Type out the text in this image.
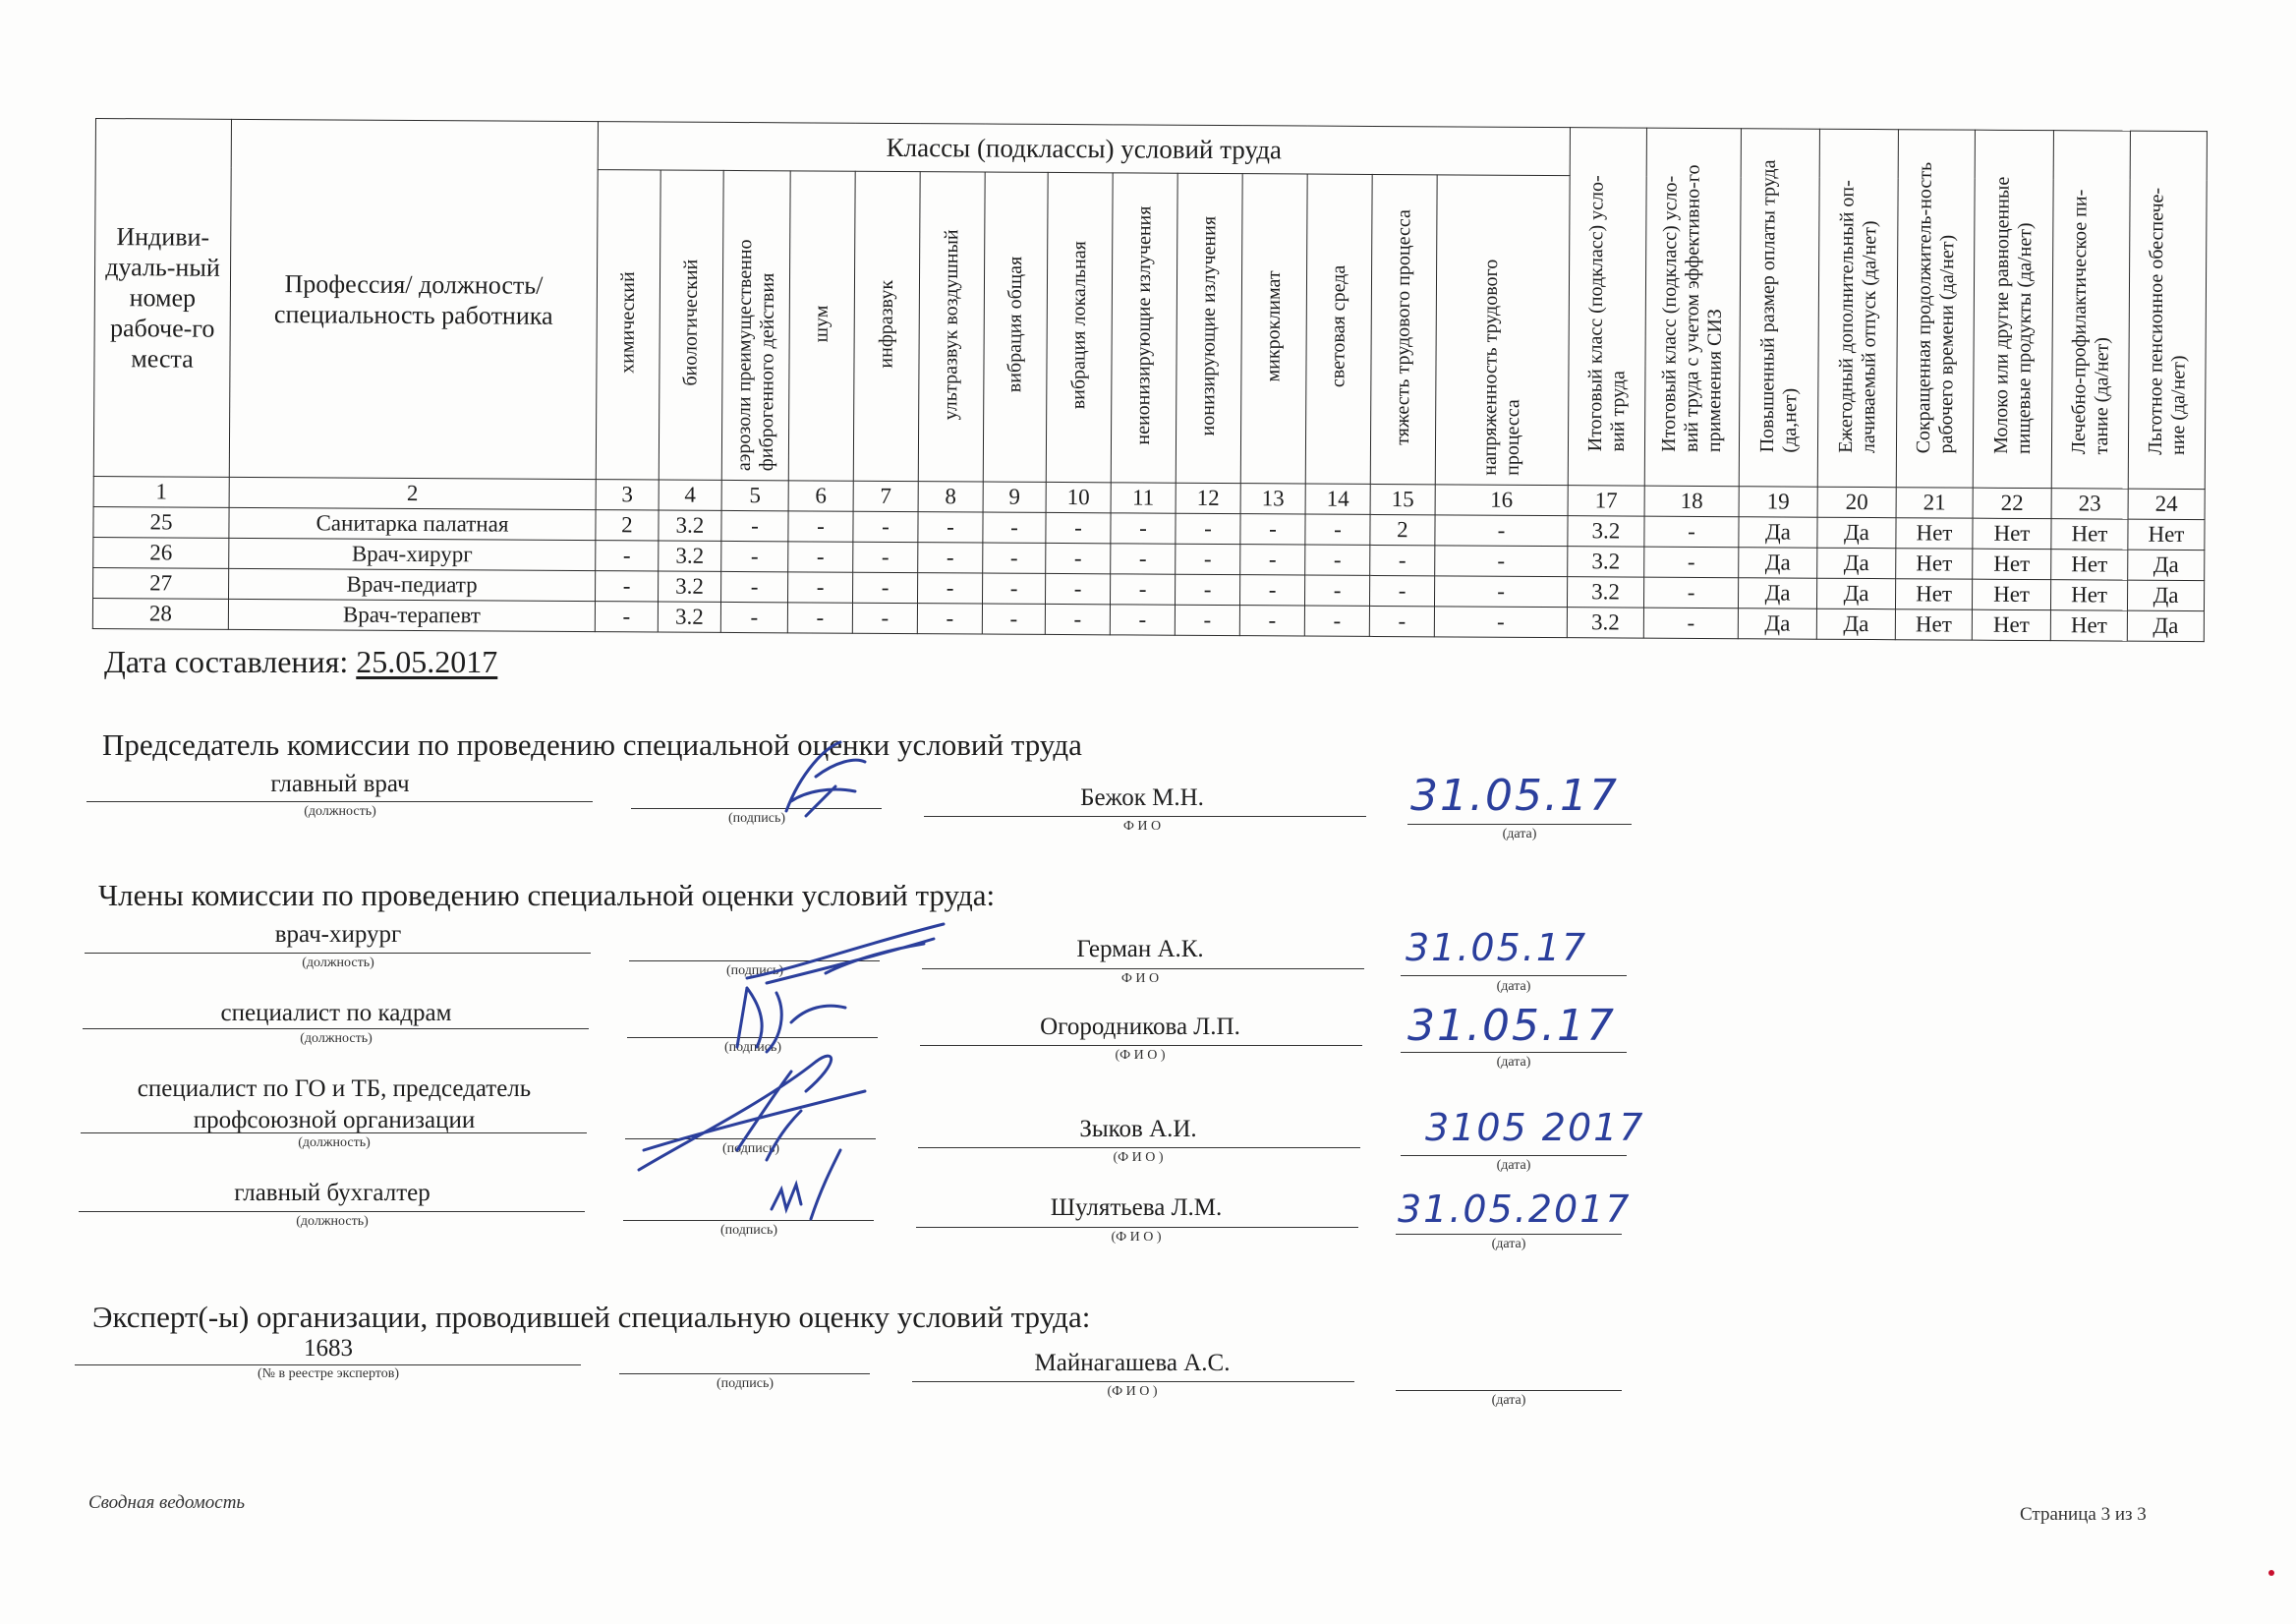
Индиви-дуаль-ный номер рабоче-го места	Профессия/ должность/ специальность работника	Классы (подклассы) условий труда														Итоговый класс (подкласс) усло-вий труда	Итоговый класс (подкласс) усло-вий труда с учетом эффективно-го применения СИЗ	Повышенный размер оплаты труда (да,нет)	Ежегодный дополнительный оп-лачиваемый отпуск (да/нет)	Сокращенная продолжитель-ность рабочего времени (да/нет)	Молоко или другие равноценные пищевые продукты (да/нет)	Лечебно-профилактическое пи-тание (да/нет)	Льготное пенсионное обеспече-ние (да/нет)
		химический	биологический	аэрозоли преимущественно фиброгенного действия	шум	инфразвук	ультразвук воздушный	вибрация общая	вибрация локальная	неионизирующие излучения	ионизирующие излучения	микроклимат	световая среда	тяжесть трудового процесса	напряженность трудового процесса								
1	2	3	4	5	6	7	8	9	10	11	12	13	14	15	16	17	18	19	20	21	22	23	24
25	Санитарка палатная	2	3.2	-	-	-	-	-	-	-	-	-	-	2	-	3.2	-	Да	Да	Нет	Нет	Нет	Нет
26	Врач-хирург	-	3.2	-	-	-	-	-	-	-	-	-	-	-	-	3.2	-	Да	Да	Нет	Нет	Нет	Да
27	Врач-педиатр	-	3.2	-	-	-	-	-	-	-	-	-	-	-	-	3.2	-	Да	Да	Нет	Нет	Нет	Да
28	Врач-терапевт	-	3.2	-	-	-	-	-	-	-	-	-	-	-	-	3.2	-	Да	Да	Нет	Нет	Нет	Да
Дата составления: 25.05.2017
Председатель комиссии по проведению специальной оценки условий труда
главный врач
(должность)	(подпись)
Бежок М.Н.
Ф И О
31.05.17
(дата)
Члены комиссии по проведению специальной оценки условий труда:
врач-хирург
(должность)
(подпись)
Герман А.К.
Ф И О
31.05.17
(дата)
специалист по кадрам
(должность)
(подпись)
Огородникова Л.П.
(Ф И О )
31.05.17
(дата)
специалист по ГО и ТБ, председатель профсоюзной организации
(должность)	(подпись)
Зыков А.И.
(Ф И О )
3105 2017
(дата)
главный бухгалтер
(должность)
(подпись)
Шулятьева Л.М.
(Ф И О )
31.05.2017
(дата)
Эксперт(-ы) организации, проводившей специальную оценку условий труда:
1683
(№ в реестре экспертов)
(подпись)
Майнагашева А.С.
(Ф И О )
(дата)
Сводная ведомость
Страница 3 из 3
